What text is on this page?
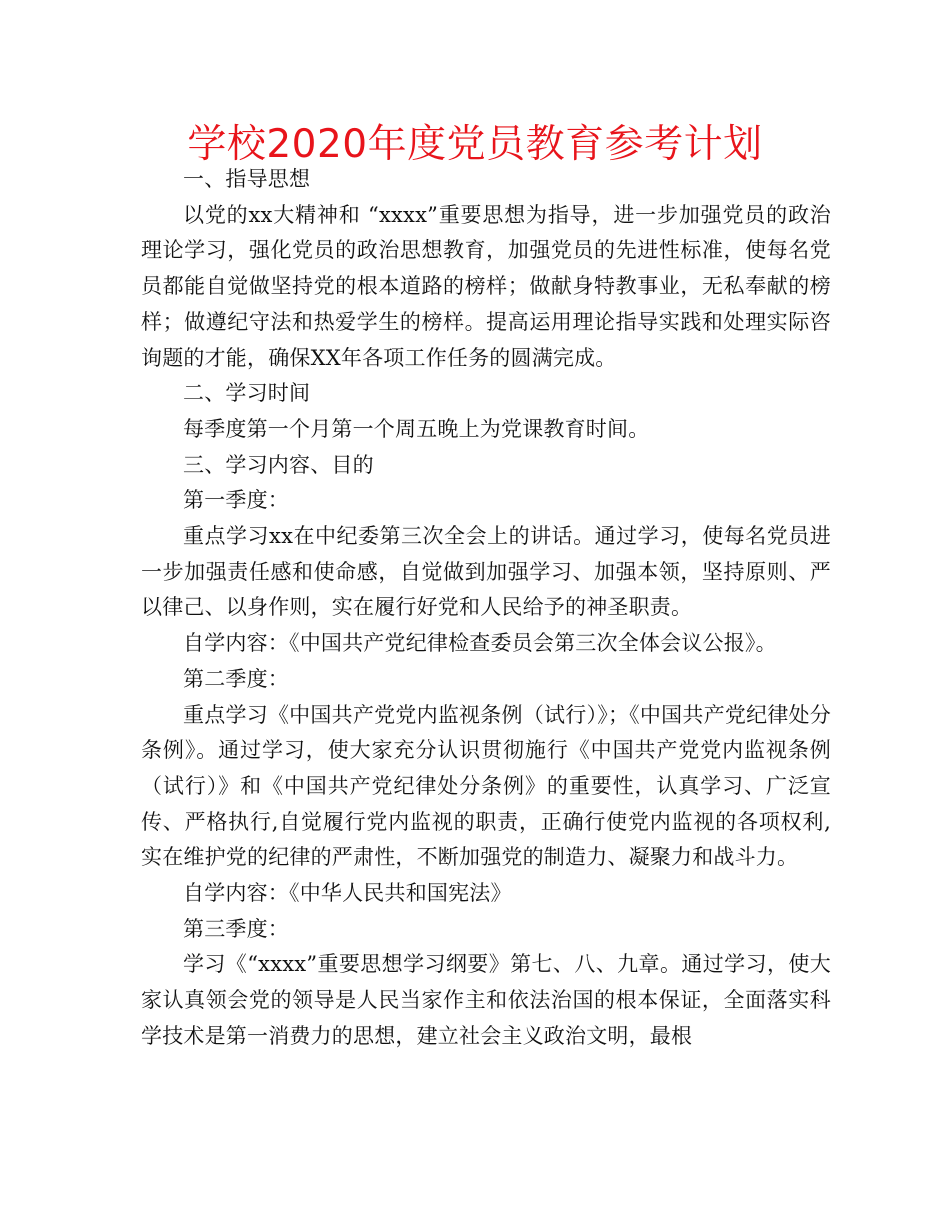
学校2020年度党员教育参考计划

一、指导思想

以党的xx大精神和 “xxxx”重要思想为指导，进一步加强党员的政治理论学习，强化党员的政治思想教育，加强党员的先进性标准，使每名党员都能自觉做坚持党的根本道路的榜样；做献身特教事业，无私奉献的榜样；做遵纪守法和热爱学生的榜样。提高运用理论指导实践和处理实际咨询题的才能，确保XX年各项工作任务的圆满完成。

二、学习时间

每季度第一个月第一个周五晚上为党课教育时间。

三、学习内容、目的

第一季度：

重点学习xx在中纪委第三次全会上的讲话。通过学习，使每名党员进一步加强责任感和使命感，自觉做到加强学习、加强本领，坚持原则、严以律己、以身作则，实在履行好党和人民给予的神圣职责。

自学内容：《中国共产党纪律检查委员会第三次全体会议公报》。

第二季度：

重点学习《中国共产党党内监视条例（试行）》；《中国共产党纪律处分条例》。通过学习，使大家充分认识贯彻施行《中国共产党党内监视条例（试行）》和《中国共产党纪律处分条例》的重要性，认真学习、广泛宣传、严格执行,自觉履行党内监视的职责，正确行使党内监视的各项权利,实在维护党的纪律的严肃性，不断加强党的制造力、凝聚力和战斗力。

自学内容：《中华人民共和国宪法》

第三季度：

学习《“xxxx”重要思想学习纲要》第七、八、九章。通过学习，使大家认真领会党的领导是人民当家作主和依法治国的根本保证，全面落实科学技术是第一消费力的思想，建立社会主义政治文明，最根
